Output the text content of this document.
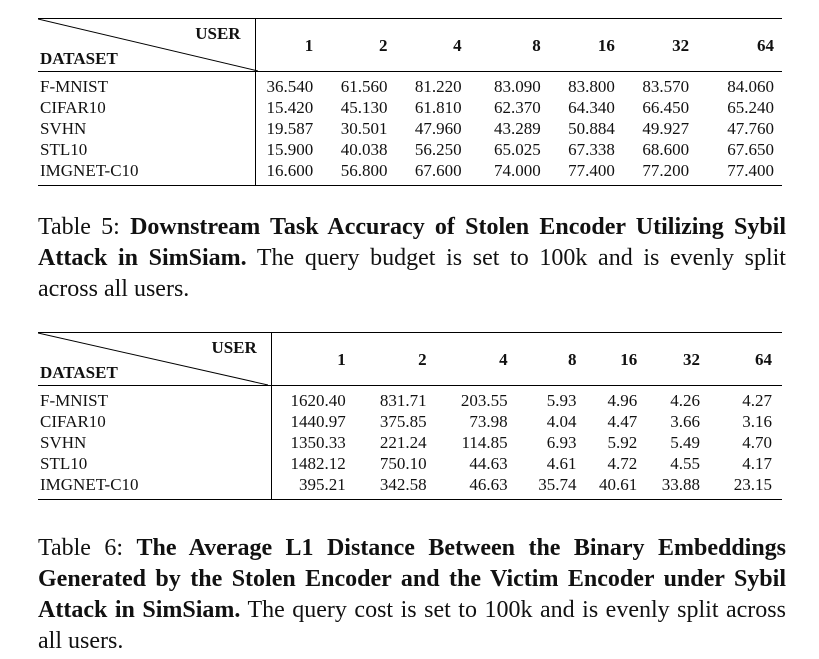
USER
DATASET	1	2	4	8	16	32	64
F-MNIST	36.540	61.560	81.220	83.090	83.800	83.570	84.060
CIFAR10	15.420	45.130	61.810	62.370	64.340	66.450	65.240
SVHN	19.587	30.501	47.960	43.289	50.884	49.927	47.760
STL10	15.900	40.038	56.250	65.025	67.338	68.600	67.650
IMGNET-C10	16.600	56.800	67.600	74.000	77.400	77.200	77.400

Table 5: Downstream Task Accuracy of Stolen Encoder Utilizing Sybil Attack in SimSiam. The query budget is set to 100k and is evenly split across all users.
USER
DATASET	1	2	4	8	16	32	64
F-MNIST	1620.40	831.71	203.55	5.93	4.96	4.26	4.27
CIFAR10	1440.97	375.85	73.98	4.04	4.47	3.66	3.16
SVHN	1350.33	221.24	114.85	6.93	5.92	5.49	4.70
STL10	1482.12	750.10	44.63	4.61	4.72	4.55	4.17
IMGNET-C10	395.21	342.58	46.63	35.74	40.61	33.88	23.15

Table 6: The Average L1 Distance Between the Binary Embeddings Generated by the Stolen Encoder and the Victim Encoder under Sybil Attack in SimSiam. The query cost is set to 100k and is evenly split across all users.
